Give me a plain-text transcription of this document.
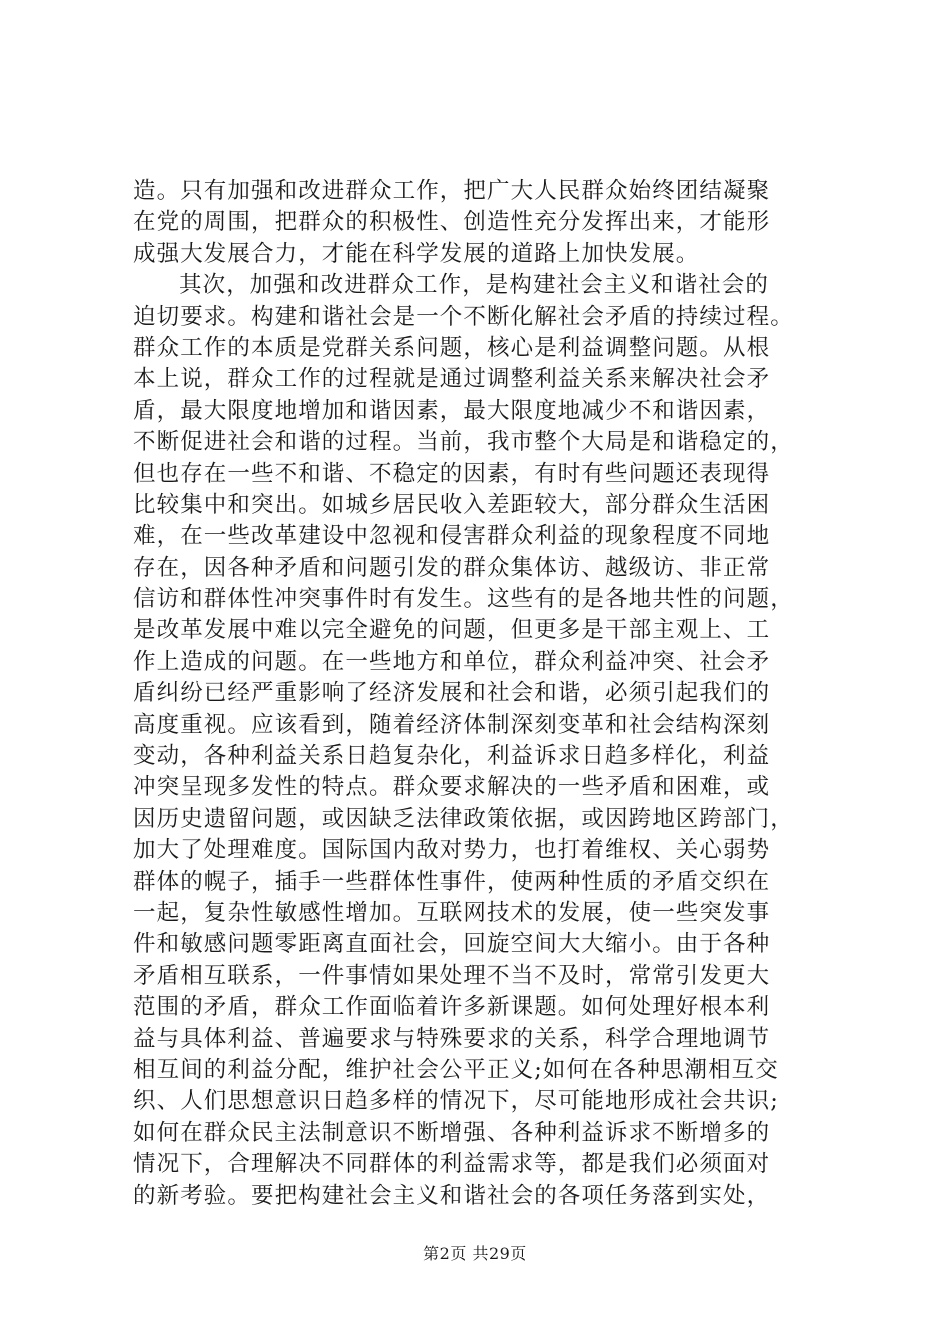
造。只有加强和改进群众工作，把广大人民群众始终团结凝聚
在党的周围，把群众的积极性、创造性充分发挥出来，才能形
成强大发展合力，才能在科学发展的道路上加快发展。
其次，加强和改进群众工作，是构建社会主义和谐社会的
迫切要求。构建和谐社会是一个不断化解社会矛盾的持续过程。
群众工作的本质是党群关系问题，核心是利益调整问题。从根
本上说，群众工作的过程就是通过调整利益关系来解决社会矛
盾，最大限度地增加和谐因素，最大限度地减少不和谐因素，
不断促进社会和谐的过程。当前，我市整个大局是和谐稳定的，
但也存在一些不和谐、不稳定的因素，有时有些问题还表现得
比较集中和突出。如城乡居民收入差距较大，部分群众生活困
难，在一些改革建设中忽视和侵害群众利益的现象程度不同地
存在，因各种矛盾和问题引发的群众集体访、越级访、非正常
信访和群体性冲突事件时有发生。这些有的是各地共性的问题，
是改革发展中难以完全避免的问题，但更多是干部主观上、工
作上造成的问题。在一些地方和单位，群众利益冲突、社会矛
盾纠纷已经严重影响了经济发展和社会和谐，必须引起我们的
高度重视。应该看到，随着经济体制深刻变革和社会结构深刻
变动，各种利益关系日趋复杂化，利益诉求日趋多样化，利益
冲突呈现多发性的特点。群众要求解决的一些矛盾和困难，或
因历史遗留问题，或因缺乏法律政策依据，或因跨地区跨部门，
加大了处理难度。国际国内敌对势力，也打着维权、关心弱势
群体的幌子，插手一些群体性事件，使两种性质的矛盾交织在
一起，复杂性敏感性增加。互联网技术的发展，使一些突发事
件和敏感问题零距离直面社会，回旋空间大大缩小。由于各种
矛盾相互联系，一件事情如果处理不当不及时，常常引发更大
范围的矛盾，群众工作面临着许多新课题。如何处理好根本利
益与具体利益、普遍要求与特殊要求的关系，科学合理地调节
相互间的利益分配，维护社会公平正义;如何在各种思潮相互交
织、人们思想意识日趋多样的情况下，尽可能地形成社会共识;
如何在群众民主法制意识不断增强、各种利益诉求不断增多的
情况下，合理解决不同群体的利益需求等，都是我们必须面对
的新考验。要把构建社会主义和谐社会的各项任务落到实处，
第2页 共29页
